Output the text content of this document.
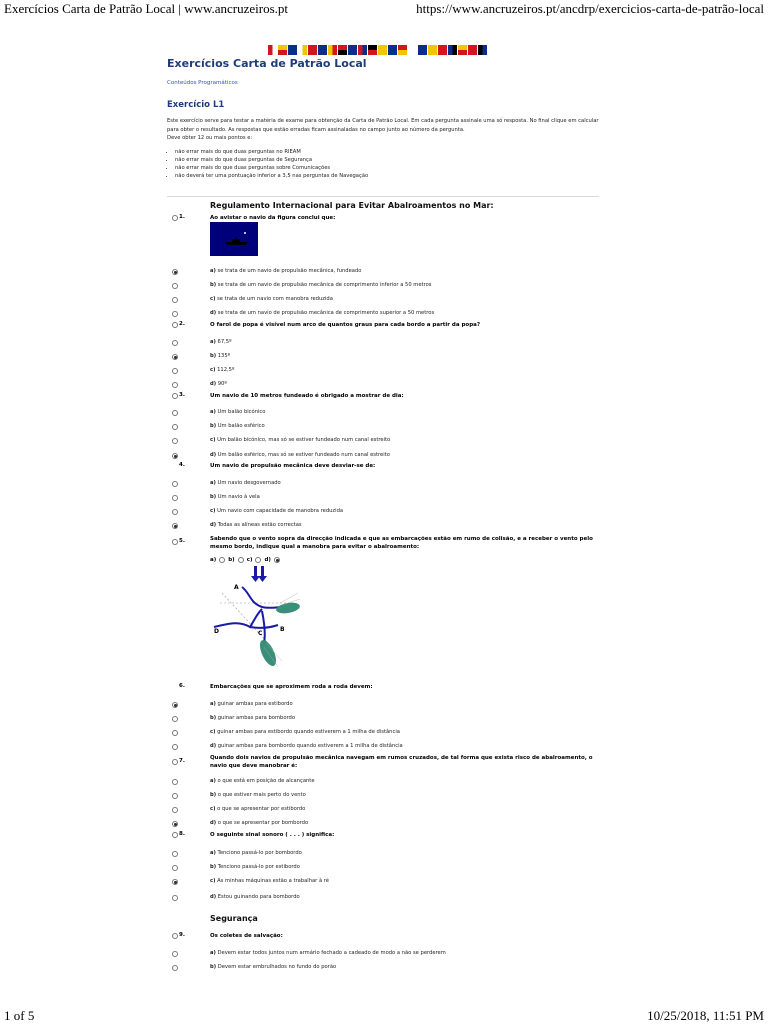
Exercícios Carta de Patrão Local | www.ancruzeiros.pt	https://www.ancruzeiros.pt/ancdrp/exercicios-carta-de-patrão-local
Exercícios Carta de Patrão Local
Conteúdos Programáticos
Exercício L1
Este exercício serve para testar a matéria de exame para obtenção da Carta de Patrão Local. Em cada pergunta assinale uma só resposta. No final clique em calcular para obter o resultado. As respostas que estão erradas ficam assinaladas no campo junto ao número da pergunta.
Deve obter 12 ou mais pontos e:
• não errar mais do que duas perguntas no RIEAM
• não errar mais do que duas perguntas de Segurança
• não errar mais do que duas perguntas sobre Comunicações
• não deverá ter uma pontuação inferior a 3,5 nas perguntas de Navegação
Regulamento Internacional para Evitar Abalroamentos no Mar:
1.	Ao avistar o navio da figura conclui que:
2.	O farol de popa é visível num arco de quantos graus para cada bordo a partir da popa?
3.	Um navio de 10 metros fundeado é obrigado a mostrar de dia:
4.	Um navio de propulsão mecânica deve desviar-se de:
5.	Sabendo que o vento sopra da direcção indicada e que as embarcações estão em rumo de colisão, e a receber o vento pelo mesmo bordo, indique qual a manobra para evitar o abalroamento:
a) b) c) d)
A
B
C
D
6.	Embarcações que se aproximem roda a roda devem:
7.	Quando dois navios de propulsão mecânica navegam em rumos cruzados, de tal forma que exista risco de abalroamento, o navio que deve manobrar é:
8.	O seguinte sinal sonoro ( . . . ) significa:
Segurança
9.	Os coletes de salvação:
a) se trata de um navio de propulsão mecânica, fundeado
b) se trata de um navio de propulsão mecânica de comprimento inferior a 50 metros
c) se trata de um navio com manobra reduzida
d) se trata de um navio de propulsão mecânica de comprimento superior a 50 metros
a) 67,5º
b) 135º
c) 112,5º
d) 90º
a) Um balão bicónico
b) Um balão esférico
c) Um balão bicónico, mas só se estiver fundeado num canal estreito
d) Um balão esférico, mas só se estiver fundeado num canal estreito
a) Um navio desgovernado
b) Um navio à vela
c) Um navio com capacidade de manobra reduzida
d) Todas as alíneas estão correctas
a) guinar ambas para estibordo
b) guinar ambas para bombordo
c) guinar ambas para estibordo quando estiverem a 1 milha de distância
d) guinar ambas para bombordo quando estiverem a 1 milha de distância
a) o que está em posição de alcançante
b) o que estiver mais perto do vento
c) o que se apresentar por estibordo
d) o que se apresentar por bombordo
a) Tenciono passá-lo por bombordo
b) Tenciono passá-lo por estibordo
c) As minhas máquinas estão a trabalhar à ré
d) Estou guinando para bombordo
a) Devem estar todos juntos num armário fechado a cadeado de modo a não se perderem
b) Devem estar embrulhados no fundo do porão
1 of 5	10/25/2018, 11:51 PM
